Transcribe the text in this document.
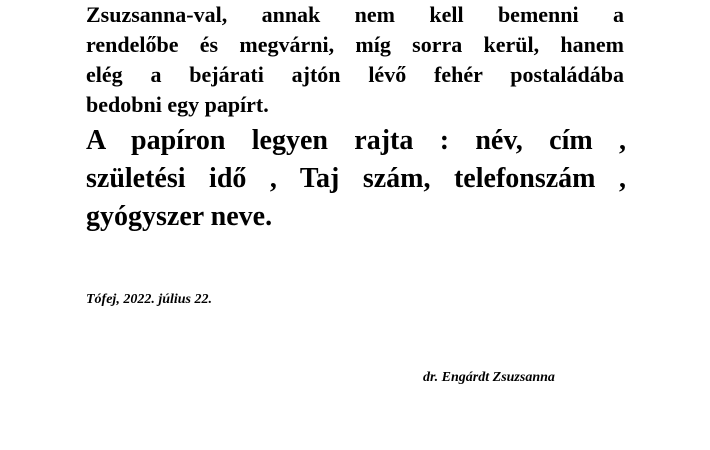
Zsuzsanna-val, annak nem kell bemenni a
rendelőbe és megvárni, míg sorra kerül, hanem
elég a bejárati ajtón lévő fehér postaládába
bedobni egy papírt.

A papíron legyen rajta : név, cím ,
születési idő , Taj szám, telefonszám ,
gyógyszer neve.

Tófej, 2022. július 22.

dr. Engárdt Zsuzsanna
